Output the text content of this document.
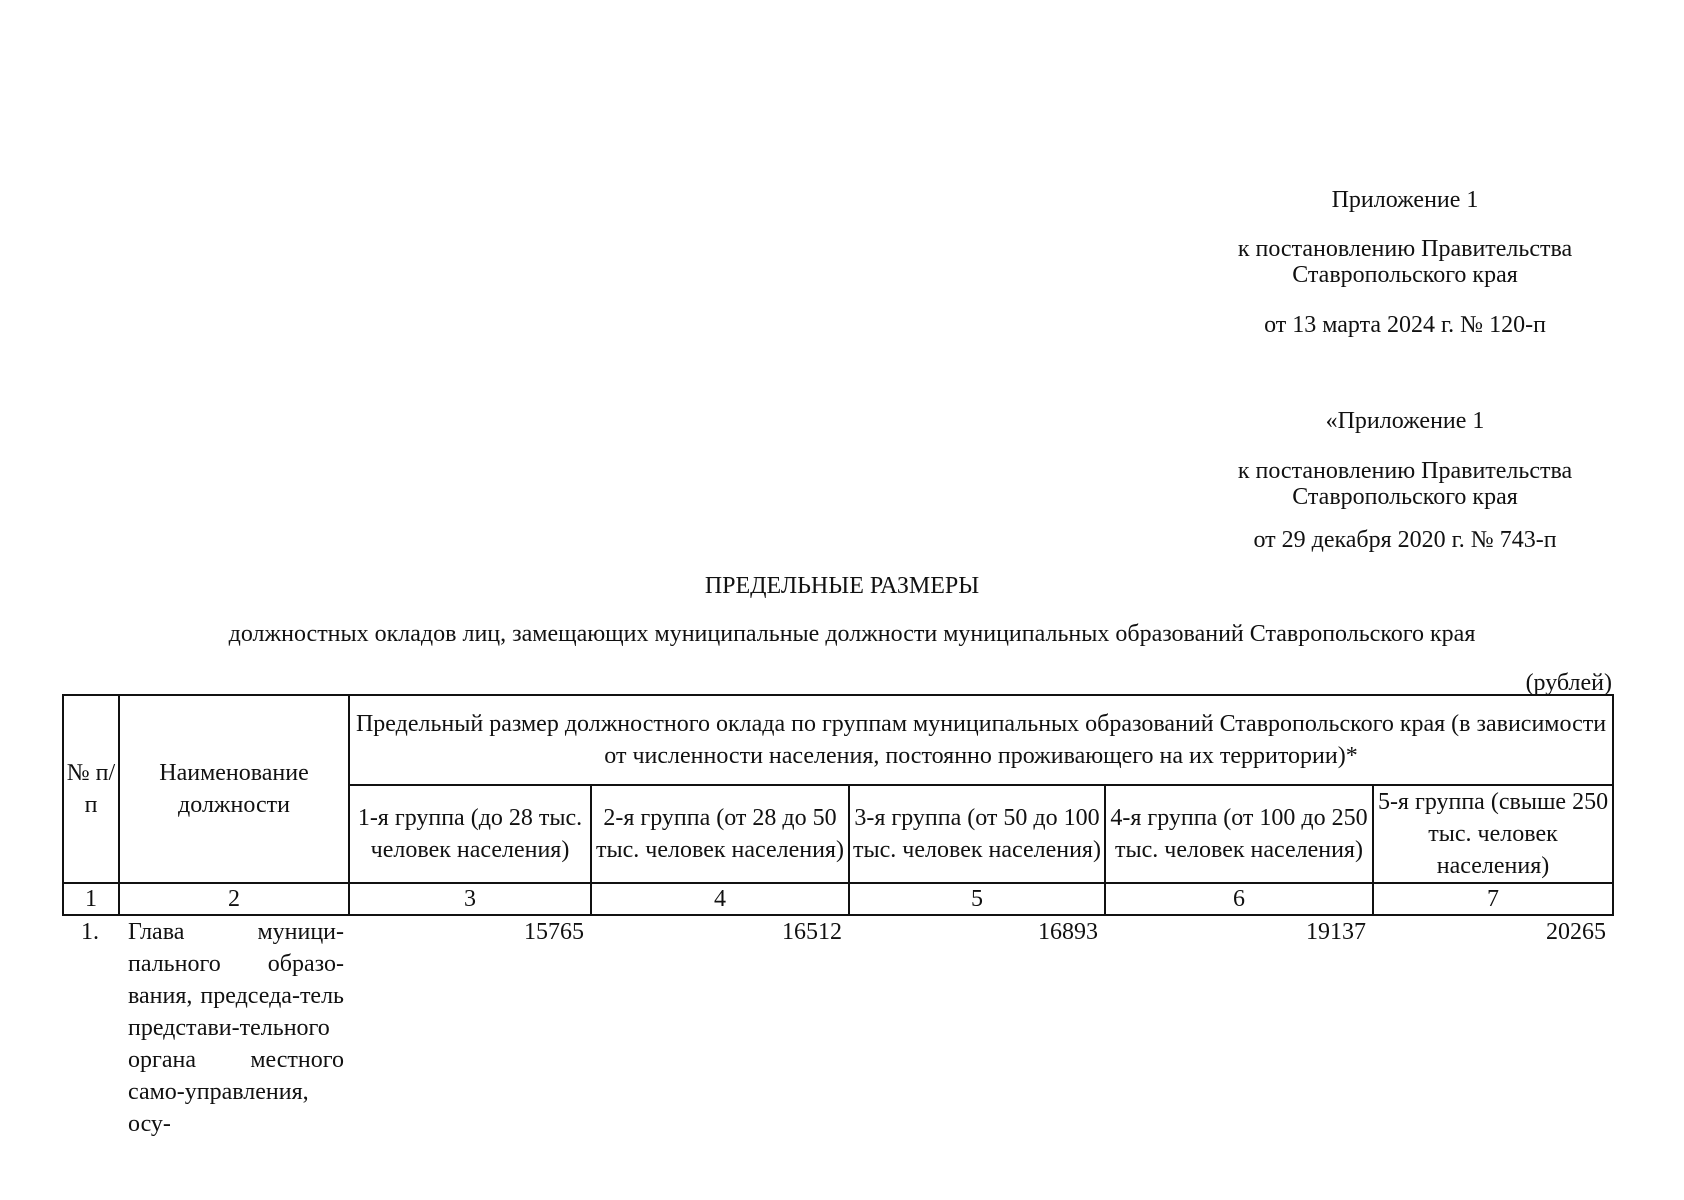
Приложение 1
к постановлению Правительства Ставропольского края
от 13 марта 2024 г. № 120-п
«Приложение 1
к постановлению Правительства Ставропольского края
от 29 декабря 2020 г. № 743-п
ПРЕДЕЛЬНЫЕ РАЗМЕРЫ
должностных окладов лиц, замещающих муниципальные должности муниципальных образований Ставропольского края
(рублей)
№ п/п	Наименование должности	Предельный размер должностного оклада по группам муниципальных образований Ставропольского края (в зависимости от численности населения, постоянно проживающего на их территории)*				
		1-я группа (до 28 тыс. человек населения)	2-я группа (от 28 до 50 тыс. человек населения)	3-я группа (от 50 до 100 тыс. человек населения)	4-я группа (от 100 до 250 тыс. человек населения)	5-я группа (свыше 250 тыс. человек населения)
1	2	3	4	5	6	7
1.	Глава муници-пального образо-вания, председа-тель представи-тельного органа местного само-управления, осу-	15765	16512	16893	19137	20265
